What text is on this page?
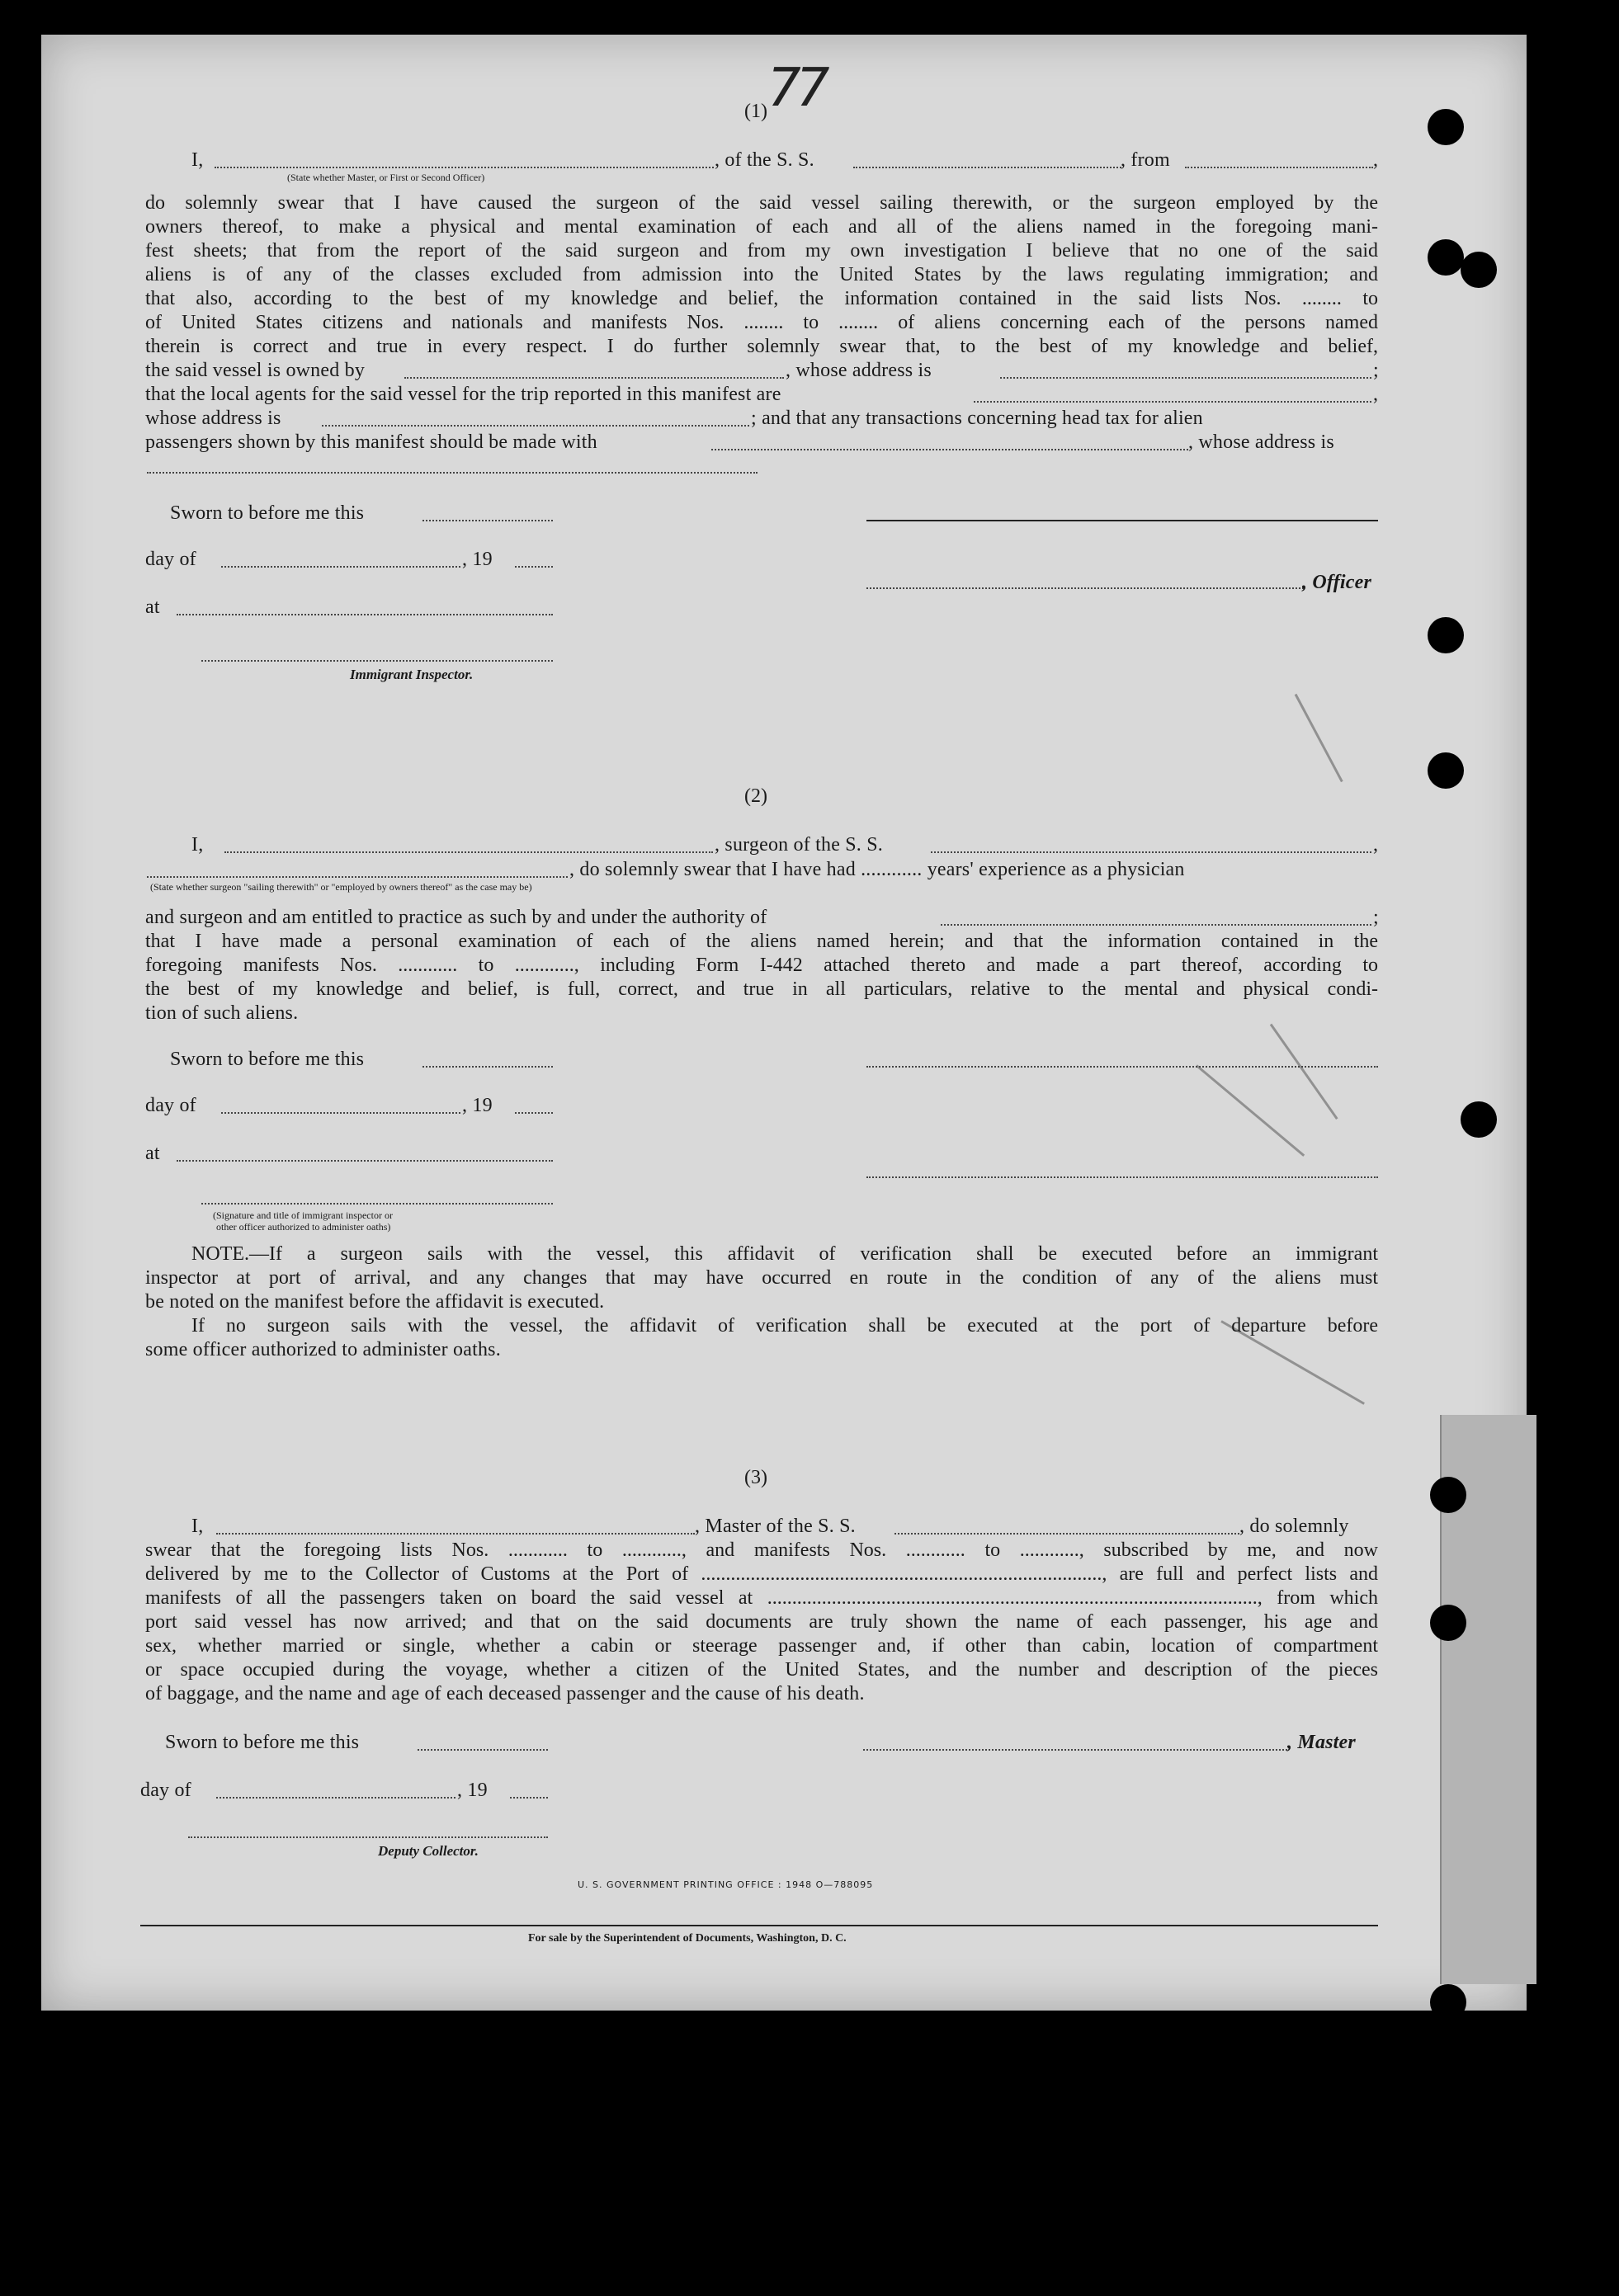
77
(1)
I,	, of the S. S.	, from	,
(State whether Master, or First or Second Officer)
do solemnly swear that I have caused the surgeon of the said vessel sailing therewith, or the surgeon employed by the
owners thereof, to make a physical and mental examination of each and all of the aliens named in the foregoing mani-
fest sheets; that from the report of the said surgeon and from my own investigation I believe that no one of the said
aliens is of any of the classes excluded from admission into the United States by the laws regulating immigration; and
that also, according to the best of my knowledge and belief, the information contained in the said lists Nos. ........ to
of United States citizens and nationals and manifests Nos. ........ to ........ of aliens concerning each of the persons named
therein is correct and true in every respect. I do further solemnly swear that, to the best of my knowledge and belief,
the said vessel is owned by	, whose address is	;
that the local agents for the said vessel for the trip reported in this manifest are	,
whose address is	; and that any transactions concerning head tax for alien
passengers shown by this manifest should be made with	, whose address is
Sworn to before me this
day of	, 19
, Officer
at
Immigrant Inspector.
(2)
I,	, surgeon of the S. S.	,
, do solemnly swear that I have had ............ years' experience as a physician
(State whether surgeon "sailing therewith" or "employed by owners thereof" as the case may be)
and surgeon and am entitled to practice as such by and under the authority of	;
that I have made a personal examination of each of the aliens named herein; and that the information contained in the
foregoing manifests Nos. ............ to ............, including Form I-442 attached thereto and made a part thereof, according to
the best of my knowledge and belief, is full, correct, and true in all particulars, relative to the mental and physical condi-
tion of such aliens.
Sworn to before me this
day of	, 19
at
(Signature and title of immigrant inspector or
other officer authorized to administer oaths)
NOTE.—If a surgeon sails with the vessel, this affidavit of verification shall be executed before an immigrant
inspector at port of arrival, and any changes that may have occurred en route in the condition of any of the aliens must
be noted on the manifest before the affidavit is executed.
If no surgeon sails with the vessel, the affidavit of verification shall be executed at the port of departure before
some officer authorized to administer oaths.
(3)
I,	, Master of the S. S.	, do solemnly
swear that the foregoing lists Nos. ............ to ............, and manifests Nos. ............ to ............, subscribed by me, and now
delivered by me to the Collector of Customs at the Port of ................................................................................., are full and perfect lists and
manifests of all the passengers taken on board the said vessel at ..................................................................................................., from which
port said vessel has now arrived; and that on the said documents are truly shown the name of each passenger, his age and
sex, whether married or single, whether a cabin or steerage passenger and, if other than cabin, location of compartment
or space occupied during the voyage, whether a citizen of the United States, and the number and description of the pieces
of baggage, and the name and age of each deceased passenger and the cause of his death.
Sworn to before me this	, Master
day of	, 19
Deputy Collector.
U. S. GOVERNMENT PRINTING OFFICE : 1948 O—788095
For sale by the Superintendent of Documents, Washington, D. C.
